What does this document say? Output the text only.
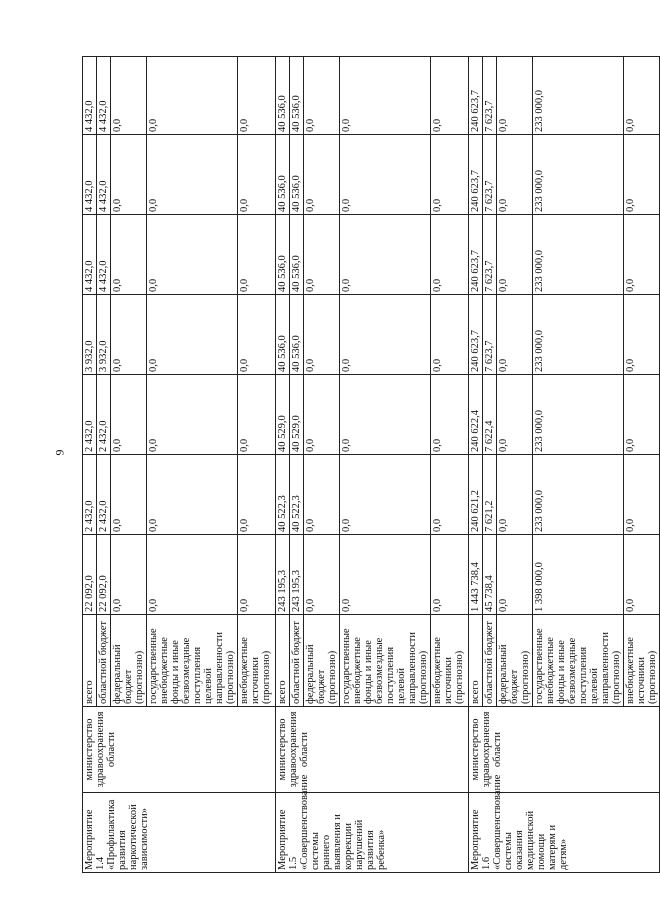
9
Мероприятие 1.4 «Профилактика развития наркотической зависимости»	министерство здравоохранения области	всего	22 092,0	2 432,0	2 432,0	3 932,0	4 432,0	4 432,0	4 432,0
		областной бюджет	22 092,0	2 432,0	2 432,0	3 932,0	4 432,0	4 432,0	4 432,0
		федеральный бюджет (прогнозно)	0,0	0,0	0,0	0,0	0,0	0,0	0,0
		государственные внебюджетные фонды и иные безвозмездные поступления целевой направленности (прогнозно)	0,0	0,0	0,0	0,0	0,0	0,0	0,0
		внебюджетные источники (прогнозно)	0,0	0,0	0,0	0,0	0,0	0,0	0,0
Мероприятие 1.5 «Совершенствование системы раннего выявления и коррекции нарушений развития ребенка»	министерство здравоохранения области	всего	243 195,3	40 522,3	40 529,0	40 536,0	40 536,0	40 536,0	40 536,0
		областной бюджет	243 195,3	40 522,3	40 529,0	40 536,0	40 536,0	40 536,0	40 536,0
		федеральный бюджет (прогнозно)	0,0	0,0	0,0	0,0	0,0	0,0	0,0
		государственные внебюджетные фонды и иные безвозмездные поступления целевой направленности (прогнозно)	0,0	0,0	0,0	0,0	0,0	0,0	0,0
		внебюджетные источники (прогнозно)	0,0	0,0	0,0	0,0	0,0	0,0	0,0
Мероприятие 1.6 «Совершенствование системы оказания медицинской помощи матерям и детям»	министерство здравоохранения области	всего	1 443 738,4	240 621,2	240 622,4	240 623,7	240 623,7	240 623,7	240 623,7
		областной бюджет	45 738,4	7 621,2	7 622,4	7 623,7	7 623,7	7 623,7	7 623,7
		федеральный бюджет (прогнозно)	0,0	0,0	0,0	0,0	0,0	0,0	0,0
		государственные внебюджетные фонды и иные безвозмездные поступления целевой направленности (прогнозно)	1 398 000,0	233 000,0	233 000,0	233 000,0	233 000,0	233 000,0	233 000,0
		внебюджетные источники (прогнозно)	0,0	0,0	0,0	0,0	0,0	0,0	0,0
